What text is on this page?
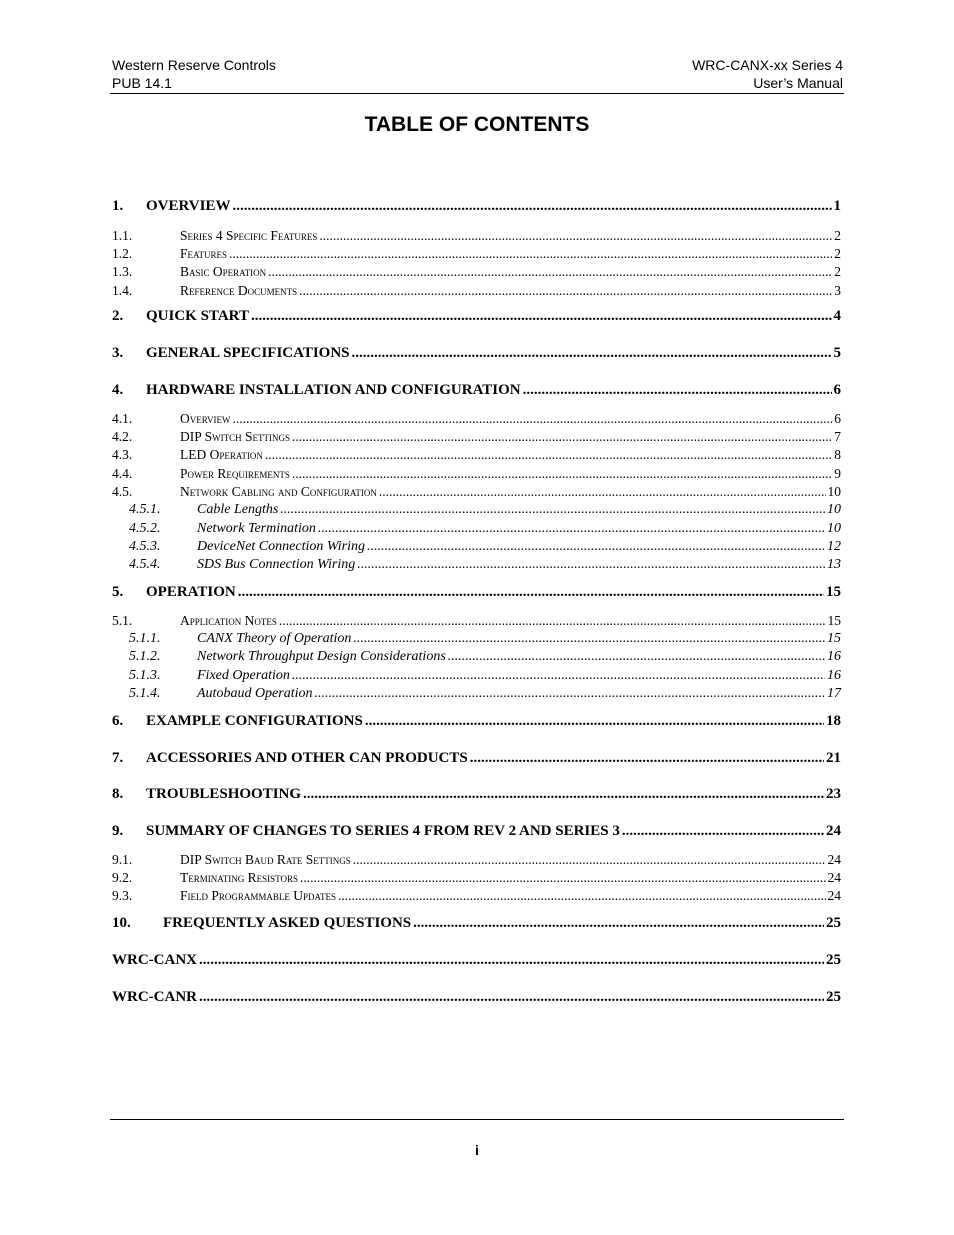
Western Reserve Controls
PUB 14.1
WRC-CANX-xx Series 4
User’s Manual
TABLE OF CONTENTS
1.	OVERVIEW .....	1
1.1.	Series 4 Specific Features .....	2
1.2.	Features .....	2
1.3.	Basic Operation .....	2
1.4.	Reference Documents .....	3
2.	QUICK START .....	4
3.	GENERAL SPECIFICATIONS .....	5
4.	HARDWARE INSTALLATION AND CONFIGURATION .....	6
4.1.	Overview .....	6
4.2.	DIP Switch Settings .....	7
4.3.	LED Operation .....	8
4.4.	Power Requirements .....	9
4.5.	Network Cabling and Configuration .....	10
4.5.1.	Cable Lengths .....	10
4.5.2.	Network Termination .....	10
4.5.3.	DeviceNet Connection Wiring .....	12
4.5.4.	SDS Bus Connection Wiring .....	13
5.	OPERATION .....	15
5.1.	Application Notes .....	15
5.1.1.	CANX Theory of Operation .....	15
5.1.2.	Network Throughput Design Considerations .....	16
5.1.3.	Fixed Operation .....	16
5.1.4.	Autobaud Operation .....	17
6.	EXAMPLE CONFIGURATIONS .....	18
7.	ACCESSORIES AND OTHER CAN PRODUCTS .....	21
8.	TROUBLESHOOTING .....	23
9.	SUMMARY OF CHANGES TO SERIES 4 FROM REV 2 AND SERIES 3 .....	24
9.1.	DIP Switch Baud Rate Settings .....	24
9.2.	Terminating Resistors .....	24
9.3.	Field Programmable Updates .....	24
10.	FREQUENTLY ASKED QUESTIONS .....	25
WRC-CANX .....	25
WRC-CANR .....	25
i
